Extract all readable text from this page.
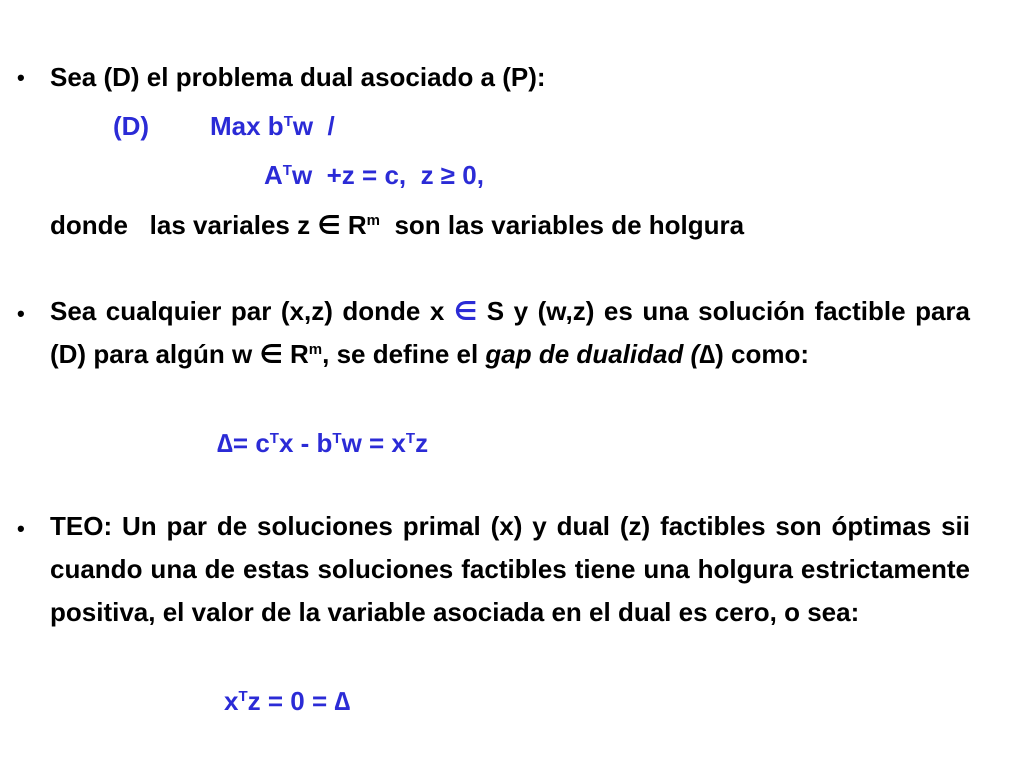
• Sea (D) el problema dual asociado a (P):
(D) Max $b^Tw$  /
$A^Tw +z = c$,  z ≥ 0,
donde   las variales z ∈ $R^m$  son las variables de holgura
• Sea cualquier par (x,z) donde x ∈ S y (w,z) es una solución factible para (D) para algún w ∈ $R^m$, se define el gap de dualidad (∆) como:
∆= $c^Tx - b^Tw = x^Tz$
• TEO: Un par de soluciones primal (x) y dual (z) factibles son óptimas sii cuando una de estas soluciones factibles tiene una holgura estrictamente positiva, el valor de la variable asociada en el dual es cero, o sea:
$x^Tz = 0$ = ∆
